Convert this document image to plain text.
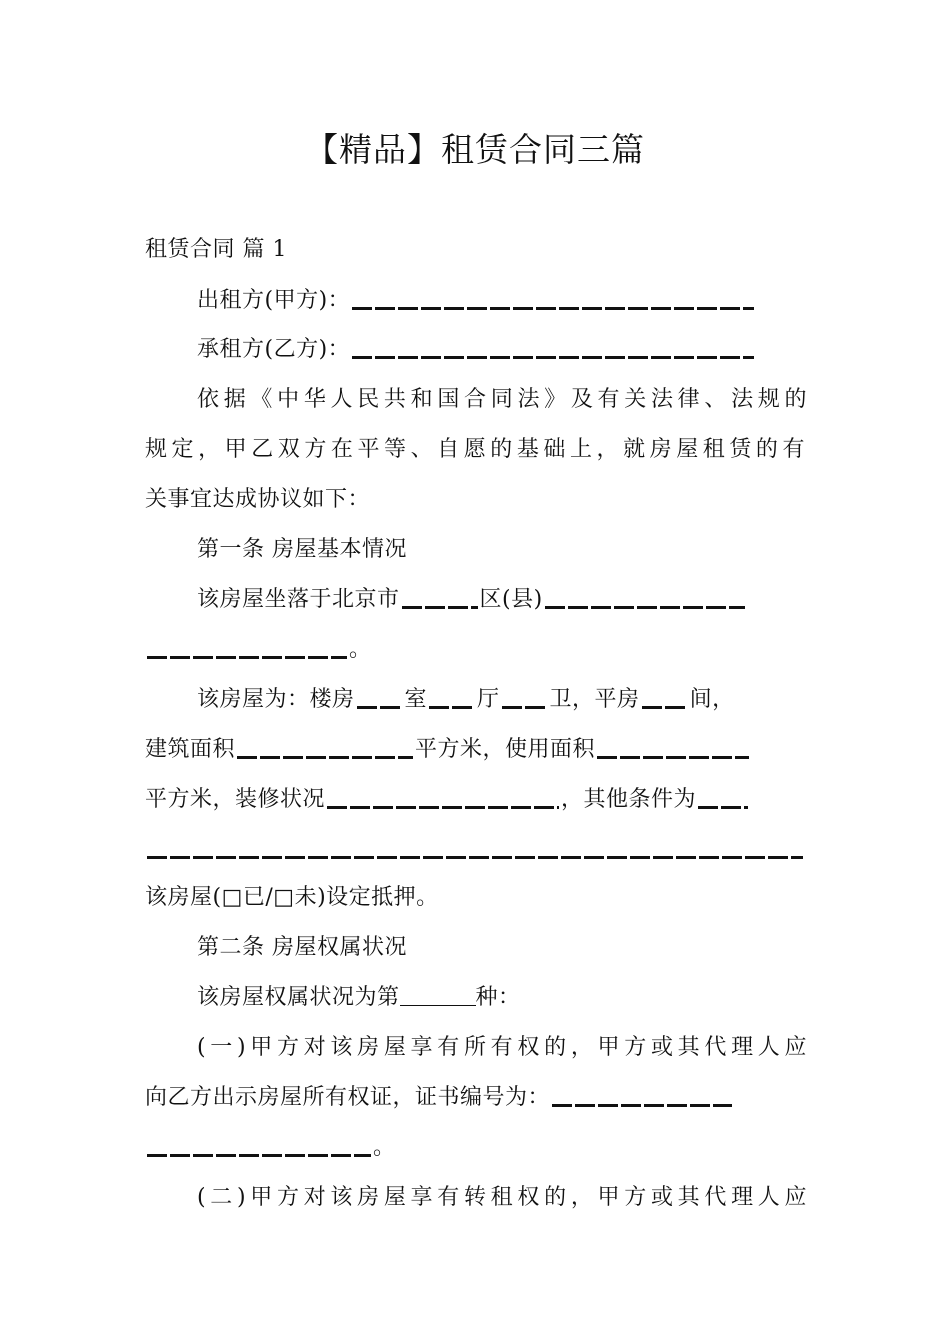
【精品】租赁合同三篇
租赁合同 篇 1
出租方(甲方)：
承租方(乙方)：
依据《中华人民共和国合同法》及有关法律、法规的
规定，甲乙双方在平等、自愿的基础上，就房屋租赁的有
关事宜达成协议如下：
第一条 房屋基本情况
该房屋坐落于北京市	区(县)
。
该房屋为：楼房 室 厅 卫，平房 间，
建筑面积	平方米，使用面积
平方米，装修状况	，其他条件为
该房屋(□已/□未)设定抵押。
第二条 房屋权属状况
该房屋权属状况为第	种：
(一)甲方对该房屋享有所有权的，甲方或其代理人应
向乙方出示房屋所有权证，证书编号为：
。
(二)甲方对该房屋享有转租权的，甲方或其代理人应
